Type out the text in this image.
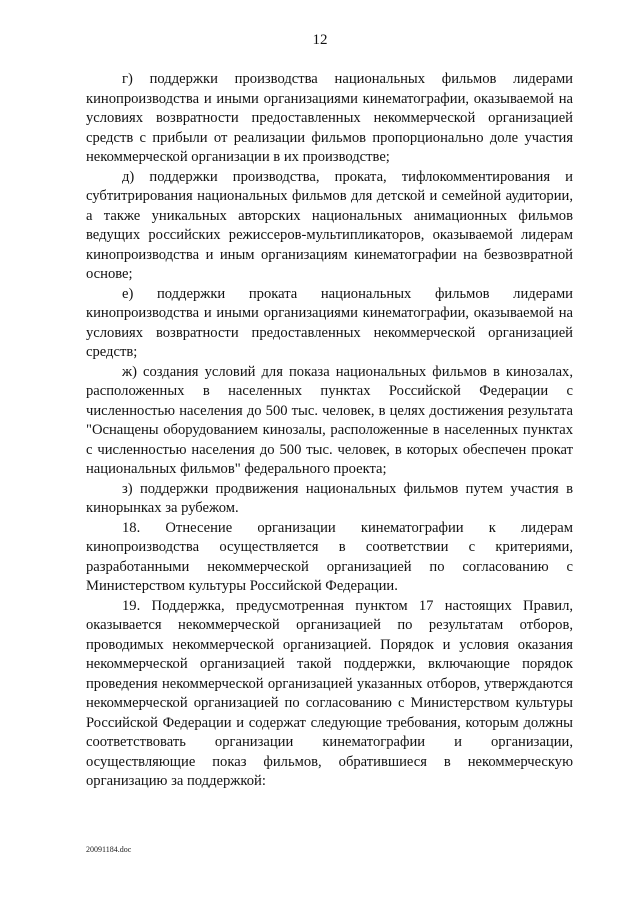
12

г) поддержки производства национальных фильмов лидерами кинопроизводства и иными организациями кинематографии, оказываемой на условиях возвратности предоставленных некоммерческой организацией средств с прибыли от реализации фильмов пропорционально доле участия некоммерческой организации в их производстве;

д) поддержки производства, проката, тифлокомментирования и субтитрирования национальных фильмов для детской и семейной аудитории, а также уникальных авторских национальных анимационных фильмов ведущих российских режиссеров-мультипликаторов, оказываемой лидерам кинопроизводства и иным организациям кинематографии на безвозвратной основе;

е) поддержки проката национальных фильмов лидерами кинопроизводства и иными организациями кинематографии, оказываемой на условиях возвратности предоставленных некоммерческой организацией средств;

ж) создания условий для показа национальных фильмов в кинозалах, расположенных в населенных пунктах Российской Федерации с численностью населения до 500 тыс. человек, в целях достижения результата "Оснащены оборудованием кинозалы, расположенные в населенных пунктах с численностью населения до 500 тыс. человек, в которых обеспечен прокат национальных фильмов" федерального проекта;

з) поддержки продвижения национальных фильмов путем участия в кинорынках за рубежом.

18. Отнесение организации кинематографии к лидерам кинопроизводства осуществляется в соответствии с критериями, разработанными некоммерческой организацией по согласованию с Министерством культуры Российской Федерации.

19. Поддержка, предусмотренная пунктом 17 настоящих Правил, оказывается некоммерческой организацией по результатам отборов, проводимых некоммерческой организацией. Порядок и условия оказания некоммерческой организацией такой поддержки, включающие порядок проведения некоммерческой организацией указанных отборов, утверждаются некоммерческой организацией по согласованию с Министерством культуры Российской Федерации и содержат следующие требования, которым должны соответствовать организации кинематографии и организации, осуществляющие показ фильмов, обратившиеся в некоммерческую организацию за поддержкой:

20091184.doc
